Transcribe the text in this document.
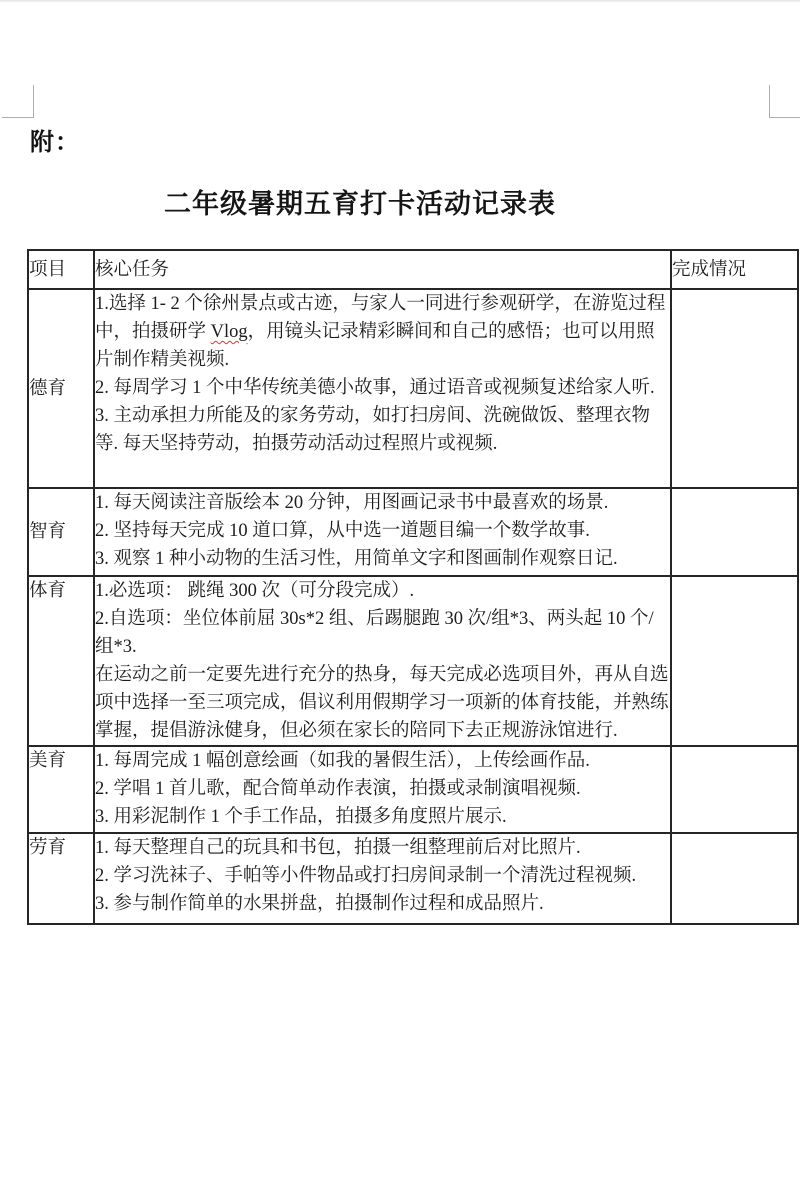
附：
二年级暑期五育打卡活动记录表
项目	核心任务	完成情况
德育	1.选择 1- 2 个徐州景点或古迹，与家人一同进行参观研学，在游览过程中，拍摄研学 Vlog，用镜头记录精彩瞬间和自己的感悟；也可以用照片制作精美视频.

2. 每周学习 1 个中华传统美德小故事，通过语音或视频复述给家人听.

3. 主动承担力所能及的家务劳动，如打扫房间、洗碗做饭、整理衣物等. 每天坚持劳动，拍摄劳动活动过程照片或视频.	

智育	1. 每天阅读注音版绘本 20 分钟，用图画记录书中最喜欢的场景.

2. 坚持每天完成 10 道口算，从中选一道题目编一个数学故事.

3. 观察 1 种小动物的生活习性，用简单文字和图画制作观察日记.	

体育	1.必选项： 跳绳 300 次（可分段完成）.

2.自选项：坐位体前屈 30s*2 组、后踢腿跑 30 次/组*3、两头起 10 个/组*3.

在运动之前一定要先进行充分的热身，每天完成必选项目外，再从自选项中选择一至三项完成，倡议利用假期学习一项新的体育技能，并熟练掌握，提倡游泳健身，但必须在家长的陪同下去正规游泳馆进行.	

美育	1. 每周完成 1 幅创意绘画（如我的暑假生活），上传绘画作品.

2. 学唱 1 首儿歌，配合简单动作表演，拍摄或录制演唱视频.

3. 用彩泥制作 1 个手工作品，拍摄多角度照片展示.	

劳育	1. 每天整理自己的玩具和书包，拍摄一组整理前后对比照片.

2. 学习洗袜子、手帕等小件物品或打扫房间录制一个清洗过程视频.

3. 参与制作简单的水果拼盘，拍摄制作过程和成品照片.	
